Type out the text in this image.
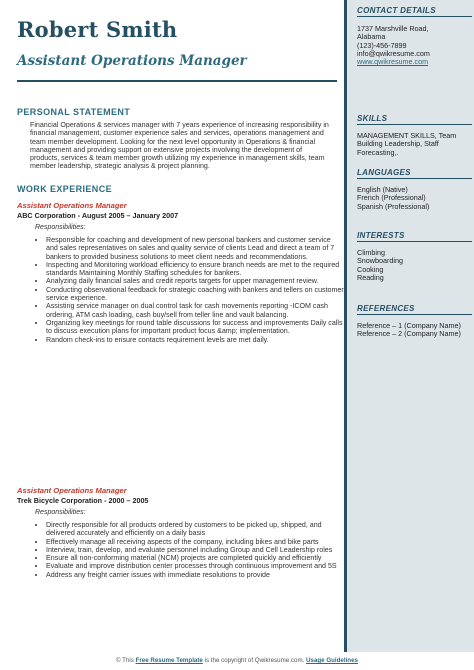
Robert Smith
Assistant Operations Manager
PERSONAL STATEMENT
Financial Operations & services manager with 7 years experience of increasing responsibility in financial management, customer experience sales and services, operations management and team member development. Looking for the next level opportunity in Operations & financial management and providing support on extensive projects involving the development of products, services & team member growth utilizing my experience in management skills, team member leadership, strategic analysis & project planning.
WORK EXPERIENCE
Assistant Operations Manager
ABC Corporation - August 2005 – January 2007
Responsibilities:
• Responsible for coaching and development of new personal bankers and customer service and sales representatives on sales and quality service of clients Lead and direct a team of 7 bankers to provided business solutions to meet client needs and recommendations.
• Inspecting and Monitoring workload efficiency to ensure branch needs are met to the required standards Maintaining Monthly Staffing schedules for bankers.
• Analyzing daily financial sales and credit reports targets for upper management review.
• Conducting observational feedback for strategic coaching with bankers and tellers on customer service experience.
• Assisting service manager on dual control task for cash movements reporting -ICOM cash ordering, ATM cash loading, cash buy/sell from teller line and vault balancing.
• Organizing key meetings for round table discussions for success and improvements Daily calls to discuss execution plans for important product focus &amp; implementation.
• Random check-ins to ensure contacts requirement levels are met daily.
Assistant Operations Manager
Trek Bicycle Corporation - 2000 – 2005
Responsibilities:
• Directly responsible for all products ordered by customers to be picked up, shipped, and delivered accurately and efficiently on a daily basis
• Effectively manage all receiving aspects of the company, including bikes and bike parts
• Interview, train, develop, and evaluate personnel including Group and Cell Leadership roles
• Ensure all non-conforming material (NCM) projects are completed quickly and efficiently
• Evaluate and improve distribution center processes through continuous improvement and 5S
• Address any freight carrier issues with immediate resolutions to provide
CONTACT DETAILS
1737 Marshville Road,
Alabama
(123)-456-7899
info@qwikresume.com
www.qwikresume.com
SKILLS
MANAGEMENT SKILLS, Team Building Leadership, Staff Forecasting,.
LANGUAGES
English (Native)
French (Professional)
Spanish (Professional)
INTERESTS
Climbing
Snowboarding
Cooking
Reading
REFERENCES
Reference – 1 (Company Name)
Reference – 2 (Company Name)
© This Free Resume Template is the copyright of Qwikresume.com. Usage Guidelines
